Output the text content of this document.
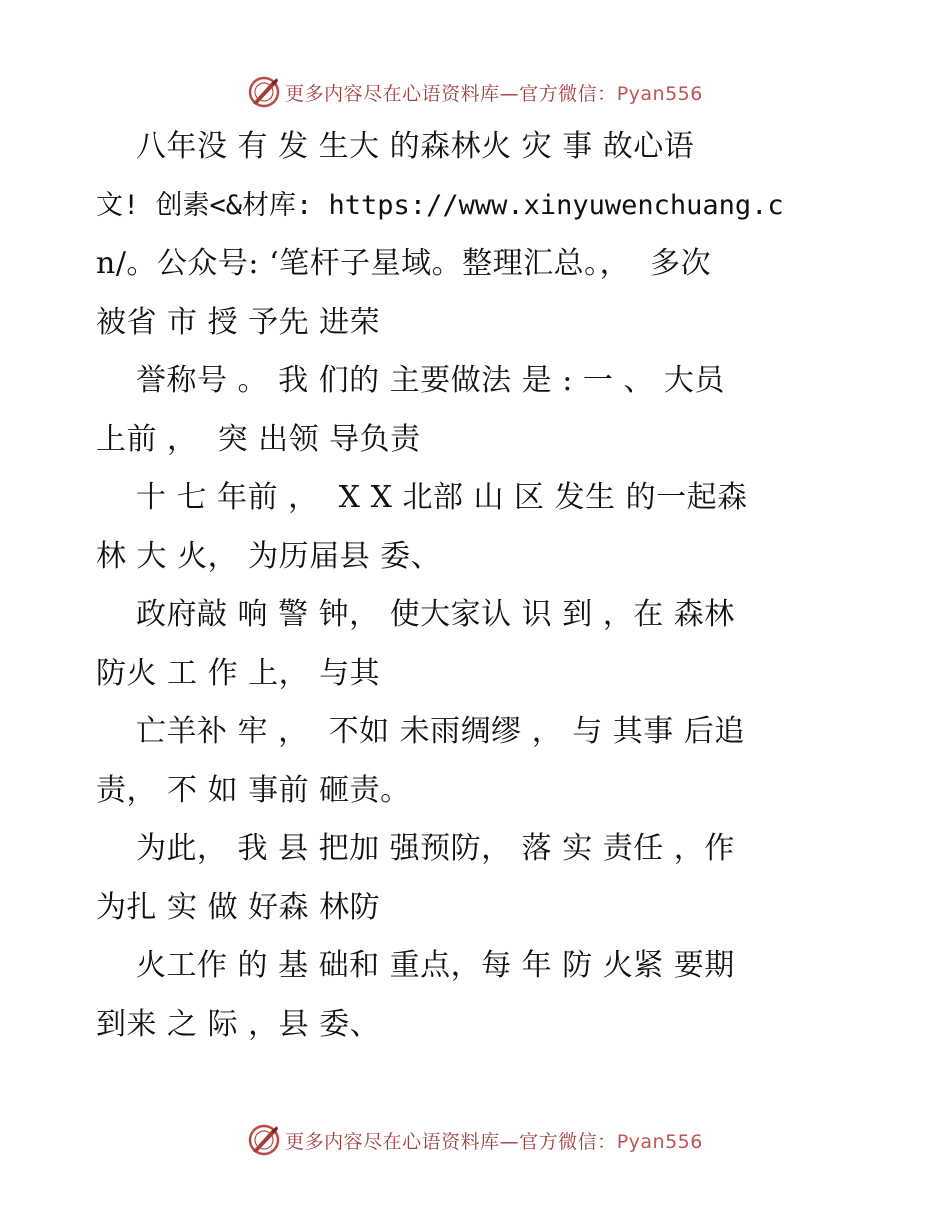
更多内容尽在心语资料库—官方微信：Pyan556
八年没 有 发 生大 的森林火 灾 事 故心语
文! 创素<&材库: https://www.xinyuwenchuang.c
n/。公众号: ‘笔杆子星域。整理汇总。，  多次
被省 市 授 予先 进荣
誉称号 。 我 们的 主要做法 是 : 一 、 大员
上前 ，  突 出领 导负责
十 七 年前 ，  X X 北部 山 区 发生 的一起森
林 大 火， 为历届县 委、
政府敲 响 警 钟， 使大家认 识 到 ，在 森林
防火 工 作 上， 与其
亡羊补 牢 ，  不如 未雨绸缪 ， 与 其事 后追
责， 不 如 事前 砸责。
为此， 我 县 把加 强预防， 落 实 责任 ，作
为扎 实 做 好森 林防
火工作 的 基 础和 重点，每 年 防 火紧 要期
到来 之 际 ，县 委、
更多内容尽在心语资料库—官方微信：Pyan556
